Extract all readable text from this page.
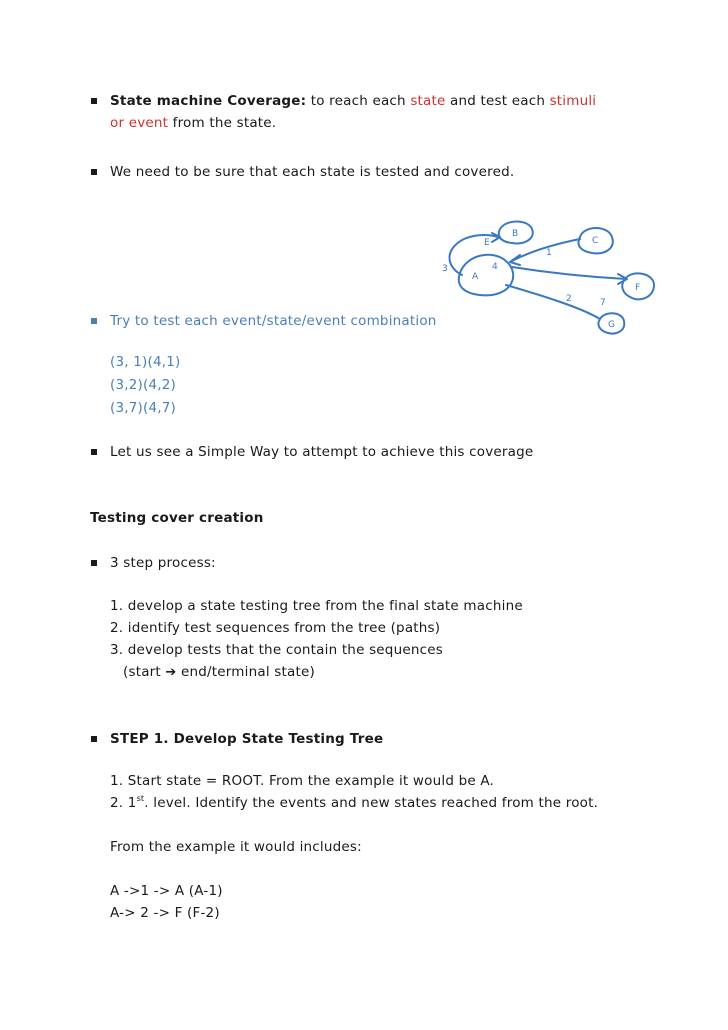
State machine Coverage: to reach each state and test each stimuli
or event from the state.
We need to be sure that each state is tested and covered.
A
B
C
E
F
G
1
2
3	4
7
Try to test each event/state/event combination
(3, 1)(4,1)
(3,2)(4,2)
(3,7)(4,7)
Let us see a Simple Way to attempt to achieve this coverage
Testing cover creation
3 step process:
1. develop a state testing tree from the final state machine
2. identify test sequences from the tree (paths)
3. develop tests that the contain the sequences
(start ➔ end/terminal state)
STEP 1. Develop State Testing Tree
1. Start state = ROOT. From the example it would be A.
2. 1st. level. Identify the events and new states reached from the root.
From the example it would includes:
A ->1 -> A (A-1)
A-> 2 -> F (F-2)
